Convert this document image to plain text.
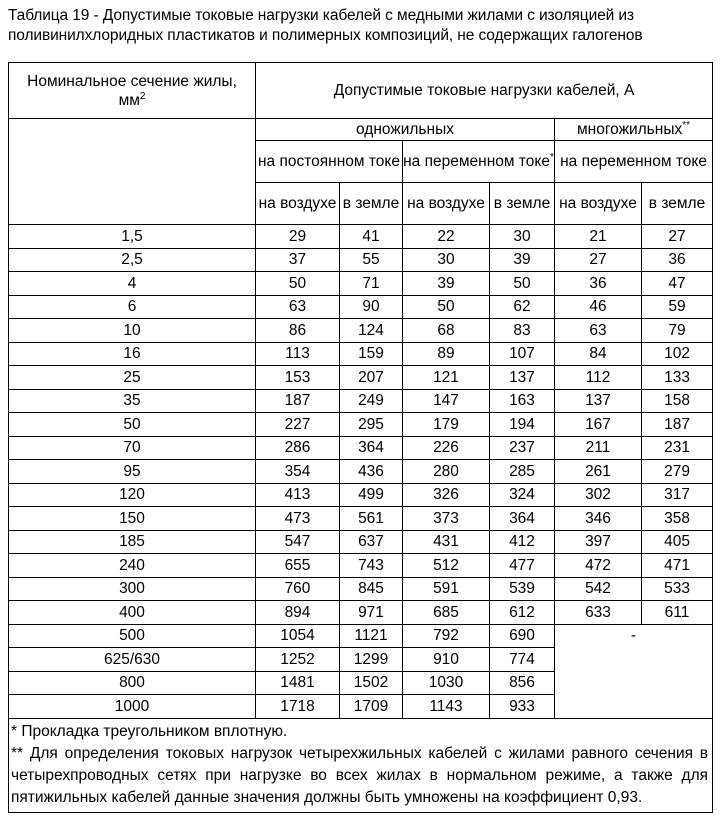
Таблица 19 - Допустимые токовые нагрузки кабелей с медными жилами с изоляцией из поливинилхлоридных пластикатов и полимерных композиций, не содержащих галогенов
Номинальное сечение жилы,
$мм^2$	Допустимые токовые нагрузки кабелей, А					
	одножильных				многожильных**
	на постоянном токе		на переменном токе*		на переменном токе	
	на воздухе	в земле	на воздухе	в земле	на воздухе	в земле
1,5	29	41	22	30	21	27
2,5	37	55	30	39	27	36
4	50	71	39	50	36	47
6	63	90	50	62	46	59
10	86	124	68	83	63	79
16	113	159	89	107	84	102
25	153	207	121	137	112	133
35	187	249	147	163	137	158
50	227	295	179	194	167	187
70	286	364	226	237	211	231
95	354	436	280	285	261	279
120	413	499	326	324	302	317
150	473	561	373	364	346	358
185	547	637	431	412	397	405
240	655	743	512	477	472	471
300	760	845	591	539	542	533
400	894	971	685	612	633	611
500	1054	1121	792	690	-	
625/630	1252	1299	910	774		
800	1481	1502	1030	856		
1000	1718	1709	1143	933		

* Прокладка треугольником вплотную.
** Для определения токовых нагрузок четырехжильных кабелей с жилами равного сечения в четырехпроводных сетях при нагрузке во всех жилах в нормальном режиме, а также для пятижильных кабелей данные значения должны быть умножены на коэффициент 0,93.						
